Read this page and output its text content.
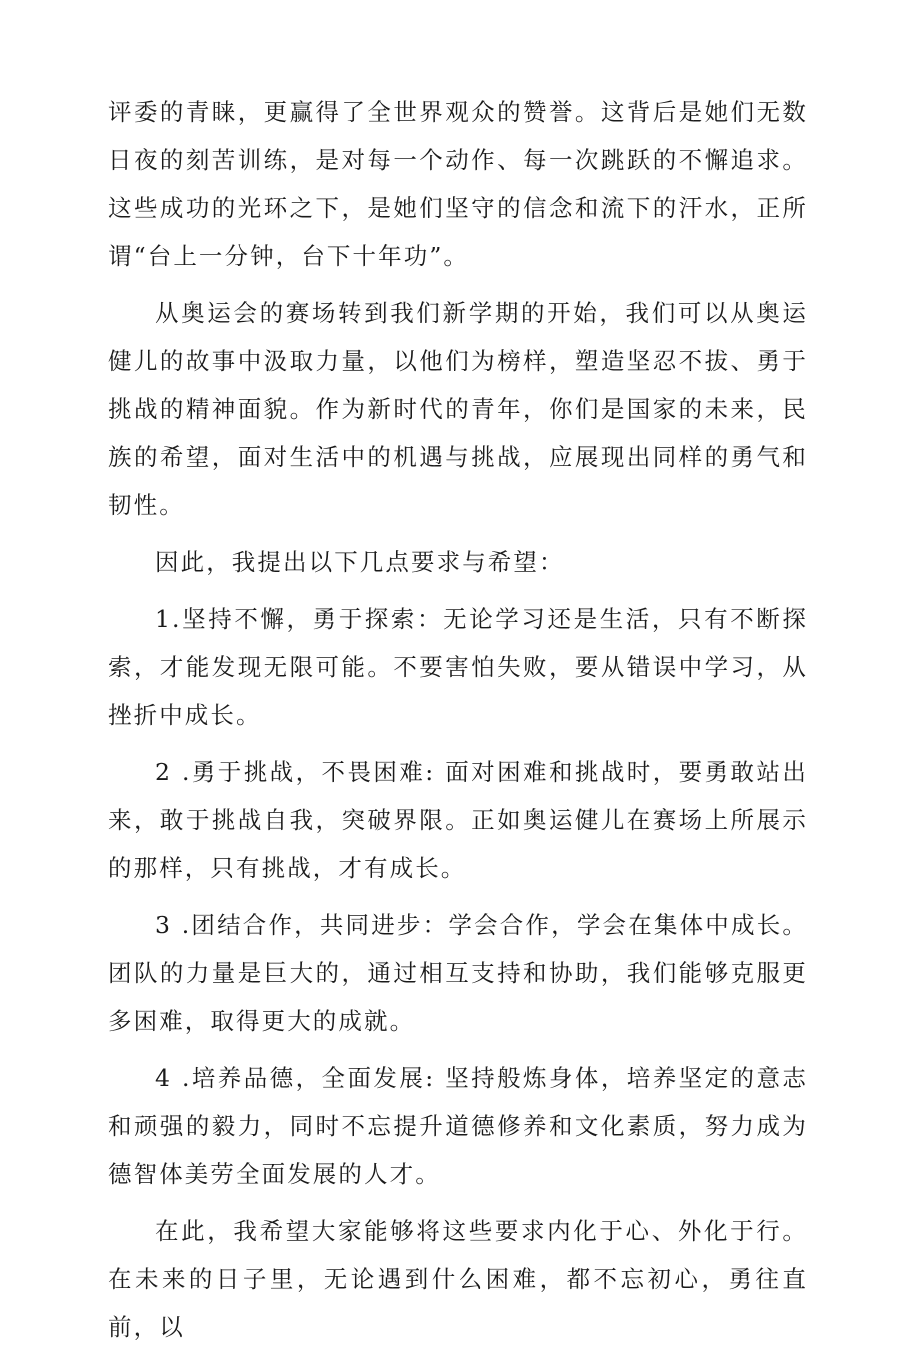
评委的青睐，更赢得了全世界观众的赞誉。这背后是她们无数日夜的刻苦训练，是对每一个动作、每一次跳跃的不懈追求。这些成功的光环之下，是她们坚守的信念和流下的汗水，正所谓“台上一分钟，台下十年功”。

从奥运会的赛场转到我们新学期的开始，我们可以从奥运健儿的故事中汲取力量，以他们为榜样，塑造坚忍不拔、勇于挑战的精神面貌。作为新时代的青年，你们是国家的未来，民族的希望，面对生活中的机遇与挑战，应展现出同样的勇气和韧性。

因此，我提出以下几点要求与希望：

1.坚持不懈，勇于探索：无论学习还是生活，只有不断探索，才能发现无限可能。不要害怕失败，要从错误中学习，从挫折中成长。

2 .勇于挑战，不畏困难: 面对困难和挑战时，要勇敢站出来，敢于挑战自我，突破界限。正如奥运健儿在赛场上所展示的那样，只有挑战，才有成长。

3 .团结合作，共同进步：学会合作，学会在集体中成长。团队的力量是巨大的，通过相互支持和协助，我们能够克服更多困难，取得更大的成就。

4 .培养品德，全面发展: 坚持般炼身体，培养坚定的意志和顽强的毅力，同时不忘提升道德修养和文化素质，努力成为德智体美劳全面发展的人才。

在此，我希望大家能够将这些要求内化于心、外化于行。在未来的日子里，无论遇到什么困难，都不忘初心，勇往直前，以
